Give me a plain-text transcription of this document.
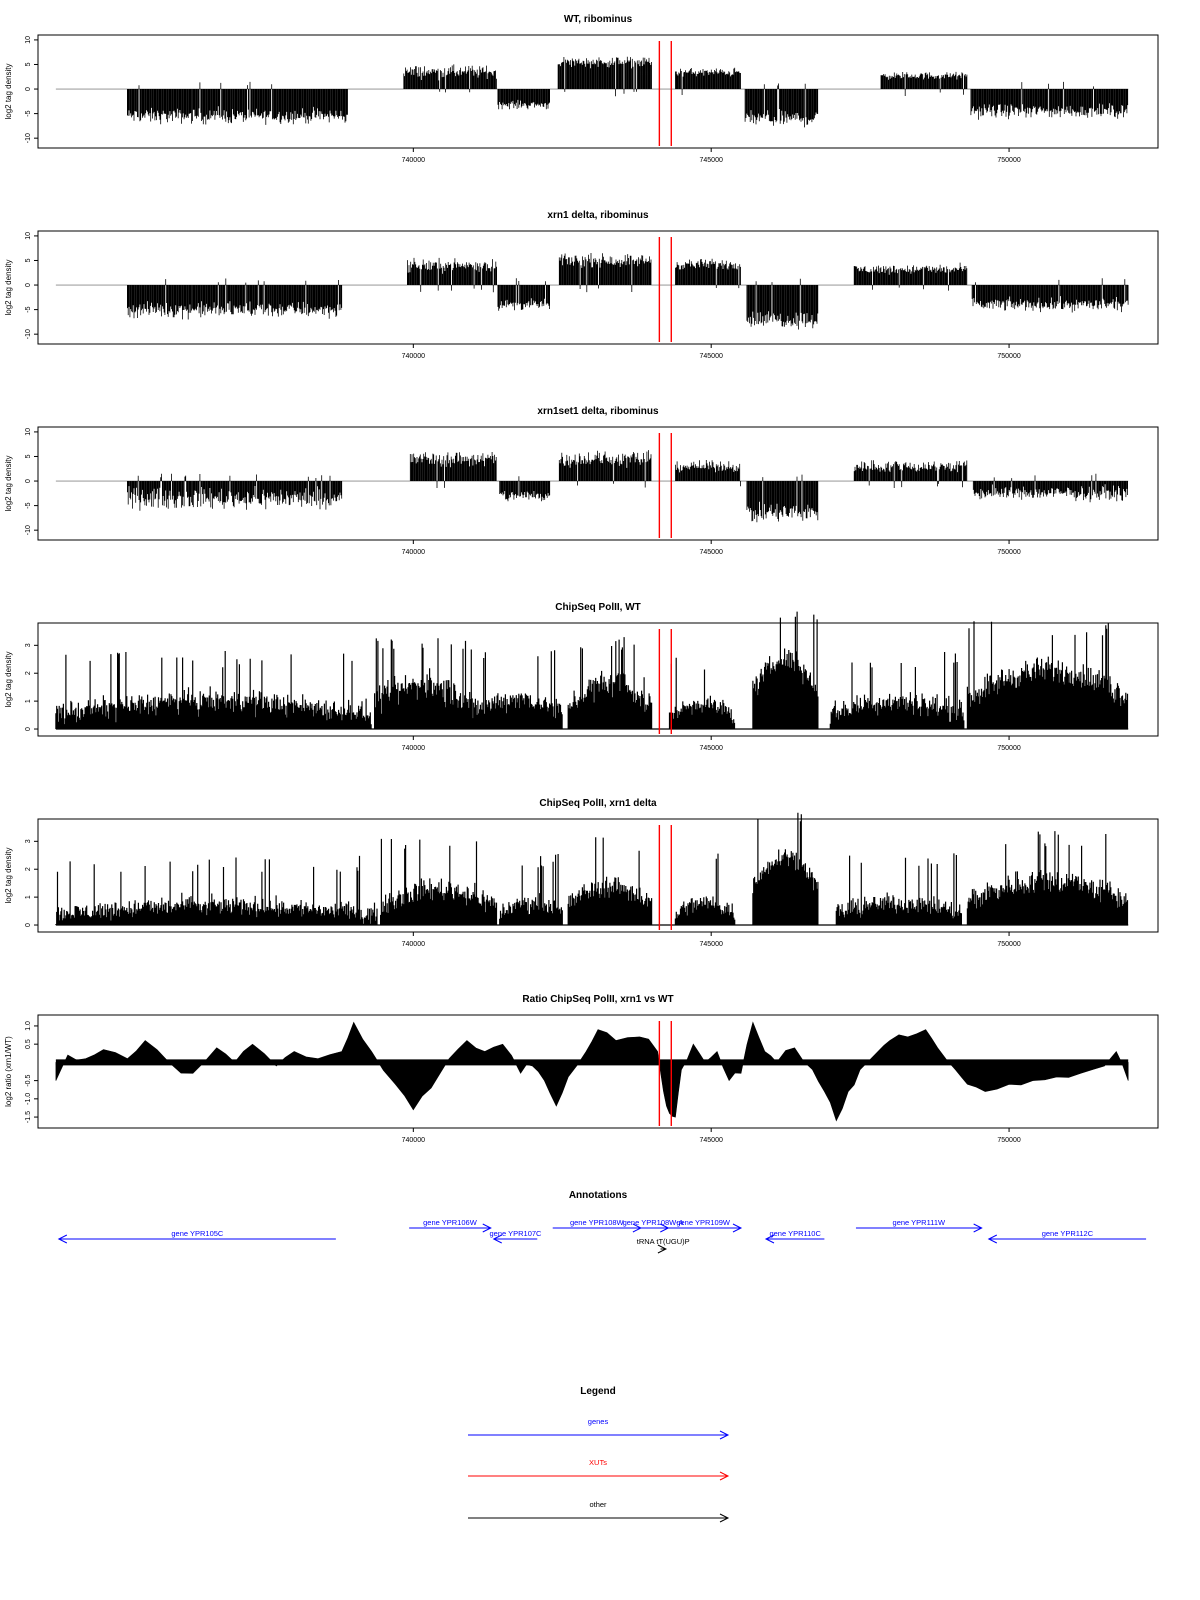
WT, ribominus
log2 tag density
10
5
0
-5
-10
740000	745000	750000
xrn1 delta, ribominus
log2 tag density
10
5
0
-5
-10
740000	745000	750000
xrn1set1 delta, ribominus
log2 tag density
10
5
0
-5
-10
740000	745000	750000
ChipSeq PolII, WT
log2 tag density
0
1
2
3
740000	745000	750000
ChipSeq PolII, xrn1 delta
log2 tag density
0
1
2
3
740000	745000	750000
Ratio ChipSeq PolII, xrn1 vs WT
log2 ratio (xrn1/WT)
1.0
0.5
-0.5
-1.0
-1.5
740000	745000	750000
Annotations
gene YPR105C
gene YPR106W
gene YPR107C
gene YPR108W
gene YPR108W-A
gene YPR109W
gene YPR110C
gene YPR111W
gene YPR112C
tRNA tT(UGU)P
Legend
genes
XUTs
other
